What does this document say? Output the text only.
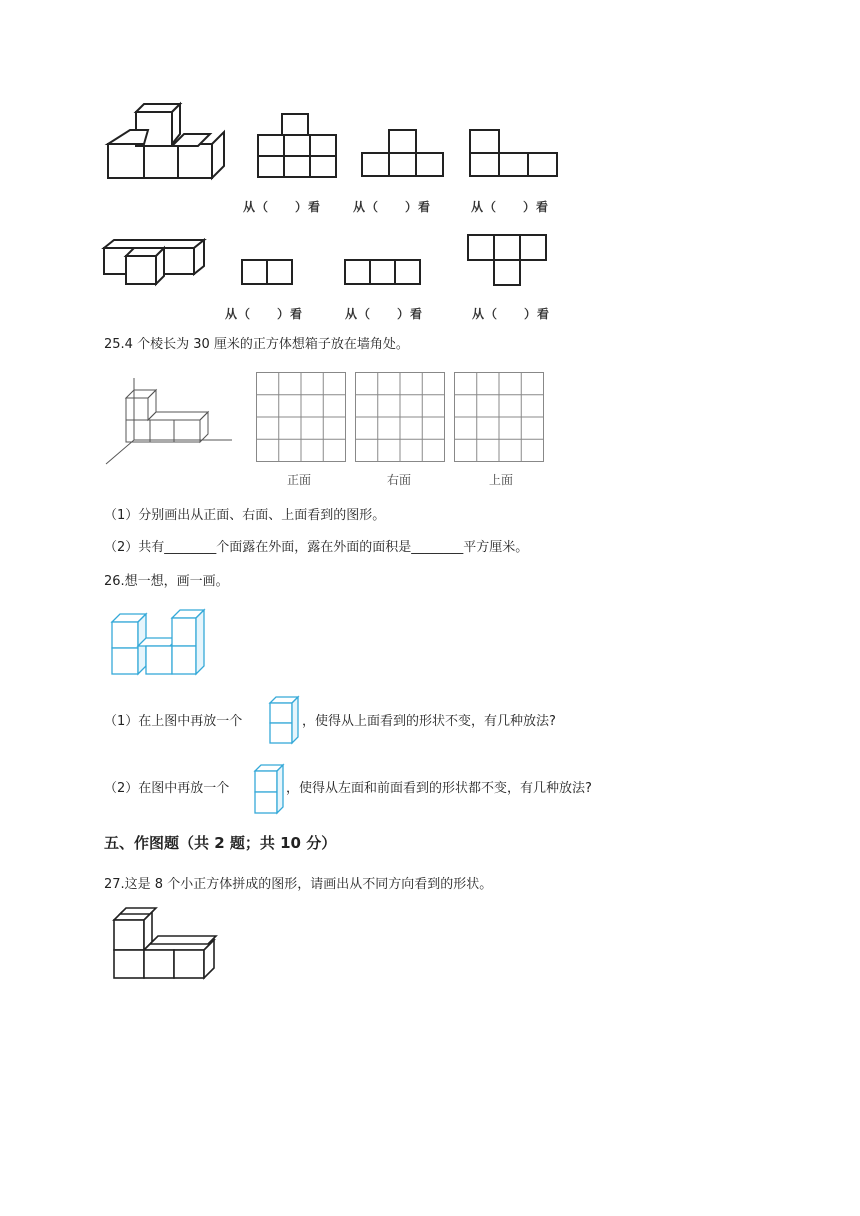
从（　　）看	从（　　）看	从（　　）看
从（　　）看	从（　　）看	从（　　）看
25.4 个棱长为 30 厘米的正方体想箱子放在墙角处。
正面	右面	上面
（1）分别画出从正面、右面、上面看到的图形。
（2）共有________个面露在外面，露在外面的面积是________平方厘米。
26.想一想，画一画。
（1）在上图中再放一个	，使得从上面看到的形状不变，有几种放法?
（2）在图中再放一个	，使得从左面和前面看到的形状都不变，有几种放法?
五、作图题（共 2 题；共 10 分）
27.这是 8 个小正方体拼成的图形，请画出从不同方向看到的形状。
